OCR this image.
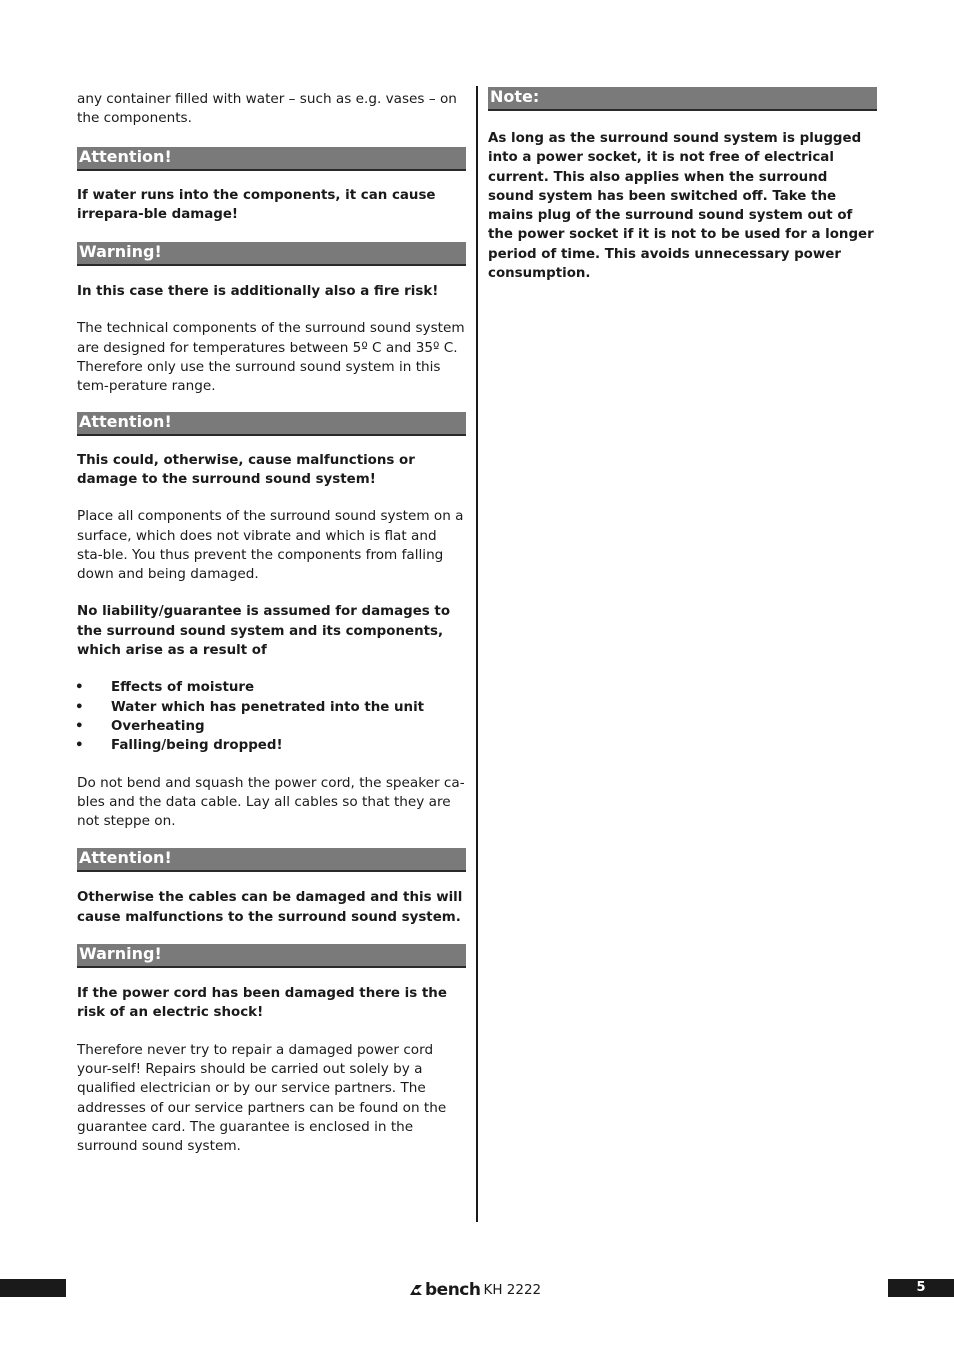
any container filled with water – such as e.g. vases – on the components.

Attention!

If water runs into the components, it can cause irrepara-ble damage!

Warning!

In this case there is additionally also a fire risk!

The technical components of the surround sound system are designed for temperatures between 5º C and 35º C. Therefore only use the surround sound system in this tem-perature range.

Attention!

This could, otherwise, cause malfunctions or damage to the surround sound system!

Place all components of the surround sound system on a surface, which does not vibrate and which is flat and sta-ble. You thus prevent the components from falling down and being damaged.

No liability/guarantee is assumed for damages to the surround sound system and its components, which arise as a result of

• Effects of moisture
• Water which has penetrated into the unit
• Overheating
• Falling/being dropped!

Do not bend and squash the power cord, the speaker ca-bles and the data cable. Lay all cables so that they are not steppe on.

Attention!

Otherwise the cables can be damaged and this will cause malfunctions to the surround sound system.

Warning!

If the power cord has been damaged there is the risk of an electric shock!

Therefore never try to repair a damaged power cord your-self! Repairs should be carried out solely by a qualified electrician or by our service partners. The addresses of our service partners can be found on the guarantee card. The guarantee is enclosed in the surround sound system.

Note:

As long as the surround sound system is plugged into a power socket, it is not free of electrical current. This also applies when the surround sound system has been switched off. Take the mains plug of the surround sound system out of the power socket if it is not to be used for a longer period of time. This avoids unnecessary power consumption.

bench KH 2222	5
